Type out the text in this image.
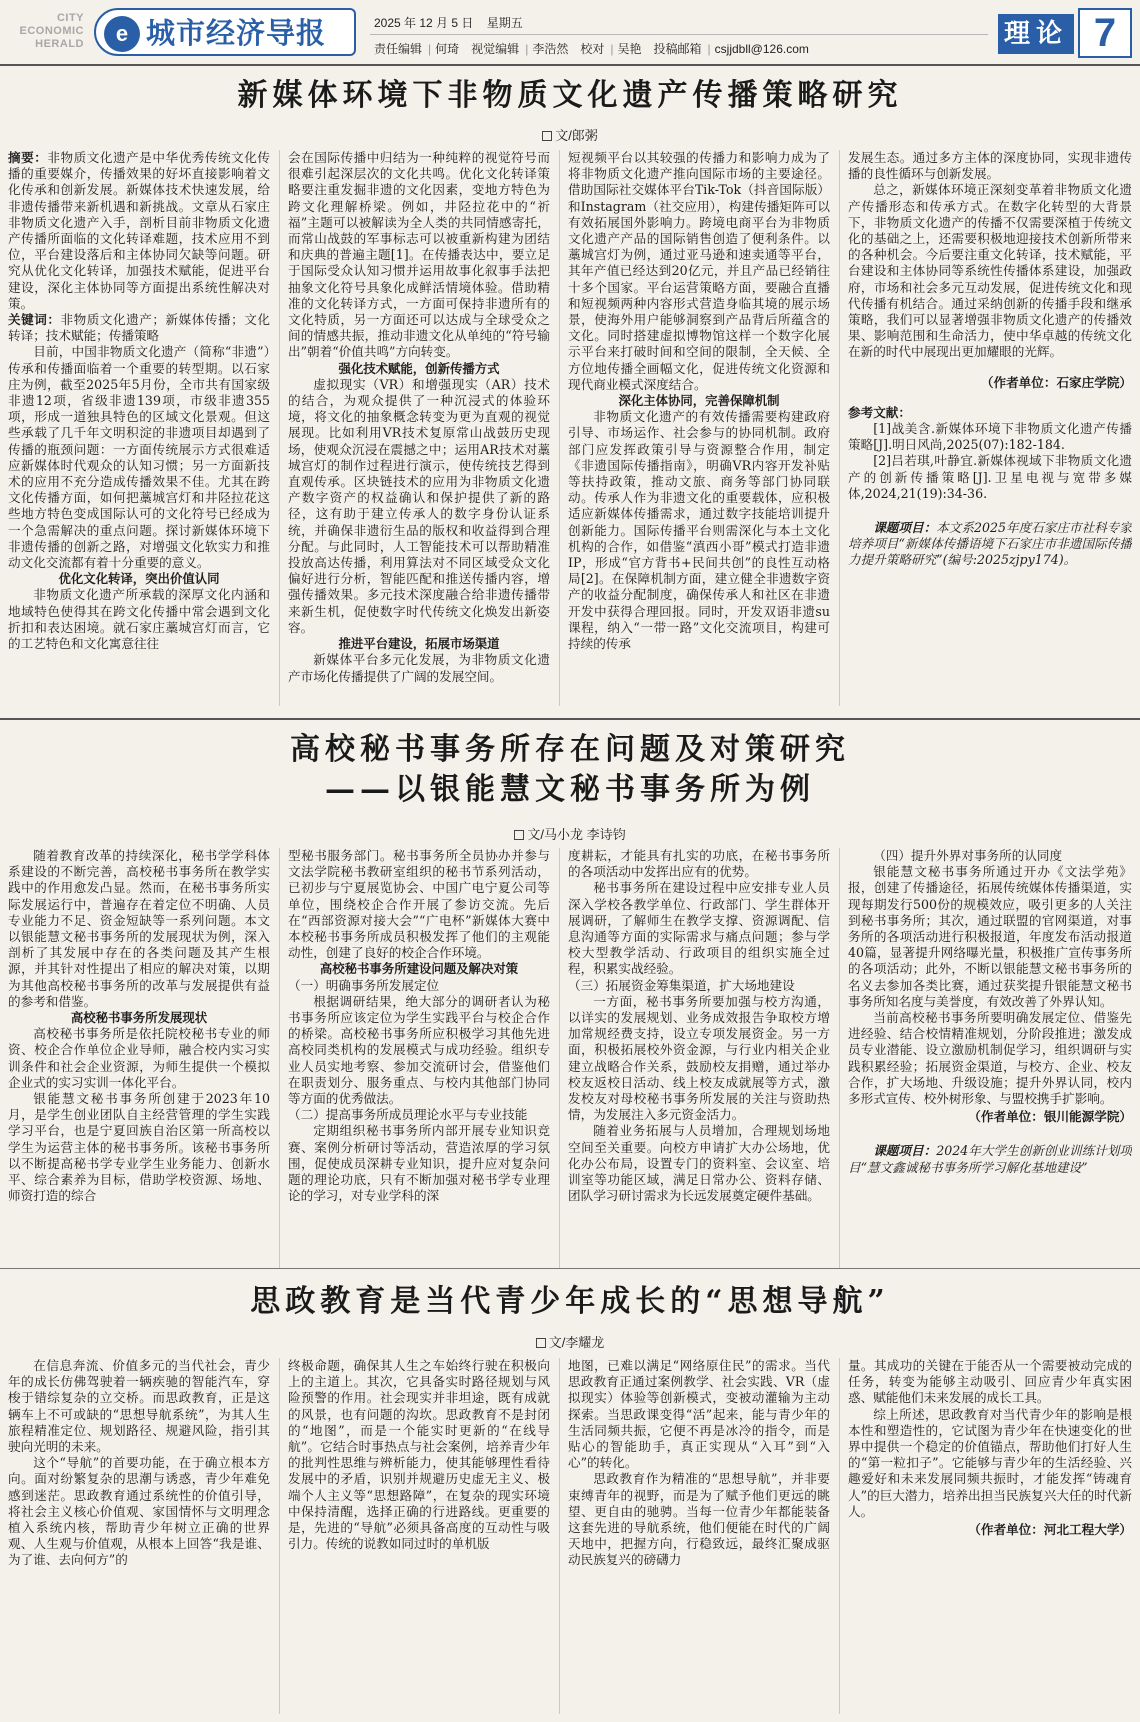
CITY
ECONOMIC
HERALD	e 城市经济导报	2025 年 12 月 5 日 星期五
责任编辑 | 何琦 视觉编辑 | 李浩然 校对 | 吴艳 投稿邮箱 | csjjdbll@126.com	理论 7
新媒体环境下非物质文化遗产传播策略研究
文/郎粥

摘要：非物质文化遗产是中华优秀传统文化传播的重要媒介，传播效果的好坏直接影响着文化传承和创新发展。新媒体技术快速发展，给非遗传播带来新机遇和新挑战。文章从石家庄非物质文化遗产入手，剖析目前非物质文化遗产传播所面临的文化转译难题，技术应用不到位，平台建设落后和主体协同欠缺等问题。研究从优化文化转译，加强技术赋能，促进平台建设，深化主体协同等方面提出系统性解决对策。

关键词：非物质文化遗产；新媒体传播；文化转译；技术赋能；传播策略

目前，中国非物质文化遗产（简称“非遗”）传承和传播面临着一个重要的转型期。以石家庄为例，截至2025年5月份，全市共有国家级非遗12项，省级非遗139项，市级非遗355项，形成一道独具特色的区域文化景观。但这些承载了几千年文明积淀的非遗项目却遇到了传播的瓶颈问题：一方面传统展示方式很难适应新媒体时代观众的认知习惯；另一方面新技术的应用不充分造成传播效果不佳。尤其在跨文化传播方面，如何把藁城宫灯和井陉拉花这些地方特色变成国际认可的文化符号已经成为一个急需解决的重点问题。探讨新媒体环境下非遗传播的创新之路，对增强文化软实力和推动文化交流都有着十分重要的意义。

优化文化转译，突出价值认同

非物质文化遗产所承载的深厚文化内涵和地域特色使得其在跨文化传播中常会遇到文化折扣和表达困境。就石家庄藁城宫灯而言，它的工艺特色和文化寓意往往

会在国际传播中归结为一种纯粹的视觉符号而很难引起深层次的文化共鸣。优化文化转译策略要注重发掘非遗的文化因素，变地方特色为跨文化理解桥梁。例如，井陉拉花中的“祈福”主题可以被解读为全人类的共同情感寄托，而常山战鼓的军事标志可以被重新构建为团结和庆典的普遍主题[1]。在传播表达中，要立足于国际受众认知习惯并运用故事化叙事手法把抽象文化符号具象化成鲜活情境体验。借助精准的文化转译方式，一方面可保持非遗所有的文化特质，另一方面还可以达成与全球受众之间的情感共振，推动非遗文化从单纯的“符号输出”朝着“价值共鸣”方向转变。

强化技术赋能，创新传播方式

虚拟现实（VR）和增强现实（AR）技术的结合，为观众提供了一种沉浸式的体验环境，将文化的抽象概念转变为更为直观的视觉展现。比如利用VR技术复原常山战鼓历史现场，使观众沉浸在震撼之中；运用AR技术对藁城宫灯的制作过程进行演示，使传统技艺得到直观传承。区块链技术的应用为非物质文化遗产数字资产的权益确认和保护提供了新的路径，这有助于建立传承人的数字身份认证系统，并确保非遗衍生品的版权和收益得到合理分配。与此同时，人工智能技术可以帮助精准投放高达传播，利用算法对不同区域受众文化偏好进行分析，智能匹配和推送传播内容，增强传播效果。多元技术深度融合给非遗传播带来新生机，促使数字时代传统文化焕发出新姿容。

推进平台建设，拓展市场渠道

新媒体平台多元化发展，为非物质文化遗产市场化传播提供了广阔的发展空间。

短视频平台以其较强的传播力和影响力成为了将非物质文化遗产推向国际市场的主要途径。借助国际社交媒体平台Tik-Tok（抖音国际版）和Instagram（社交应用），构建传播矩阵可以有效拓展国外影响力。跨境电商平台为非物质文化遗产产品的国际销售创造了便利条件。以藁城宫灯为例，通过亚马逊和速卖通等平台，其年产值已经达到20亿元，并且产品已经销往十多个国家。平台运营策略方面，要融合直播和短视频两种内容形式营造身临其境的展示场景，使海外用户能够洞察到产品背后所蕴含的文化。同时搭建虚拟博物馆这样一个数字化展示平台来打破时间和空间的限制，全天候、全方位地传播全画幅文化，促进传统文化资源和现代商业模式深度结合。

深化主体协同，完善保障机制

非物质文化遗产的有效传播需要构建政府引导、市场运作、社会参与的协同机制。政府部门应发挥政策引导与资源整合作用，制定《非遗国际传播指南》，明确VR内容开发补贴等扶持政策，推动文旅、商务等部门协同联动。传承人作为非遗文化的重要载体，应积极适应新媒体传播需求，通过数字技能培训提升创新能力。国际传播平台则需深化与本土文化机构的合作，如借鉴“滇西小哥”模式打造非遗IP，形成“官方背书+民间共创”的良性互动格局[2]。在保障机制方面，建立健全非遗数字资产的收益分配制度，确保传承人和社区在非遗开发中获得合理回报。同时，开发双语非遗su课程，纳入“一带一路”文化交流项目，构建可持续的传承

发展生态。通过多方主体的深度协同，实现非遗传播的良性循环与创新发展。

总之，新媒体环境正深刻变革着非物质文化遗产传播形态和传承方式。在数字化转型的大背景下，非物质文化遗产的传播不仅需要深植于传统文化的基础之上，还需要积极地迎接技术创新所带来的各种机会。今后要注重文化转译，技术赋能，平台建设和主体协同等系统性传播体系建设，加强政府，市场和社会多元互动发展，促进传统文化和现代传播有机结合。通过采纳创新的传播手段和继承策略，我们可以显著增强非物质文化遗产的传播效果、影响范围和生命活力，使中华卓越的传统文化在新的时代中展现出更加耀眼的光辉。

（作者单位：石家庄学院）

参考文献：

[1]战美含.新媒体环境下非物质文化遗产传播策略[J].明日风尚,2025(07):182-184.

[2]吕若琪,叶静宜.新媒体视域下非物质文化遗产的创新传播策略[J].卫星电视与宽带多媒体,2024,21(19):34-36.

课题项目：本文系2025年度石家庄市社科专家培养项目“新媒体传播语境下石家庄市非遗国际传播力提升策略研究”(编号:2025zjpy174)。

高校秘书事务所存在问题及对策研究
——以银能慧文秘书事务所为例
文/马小龙 李诗钧

随着教育改革的持续深化，秘书学学科体系建设的不断完善，高校秘书事务所在教学实践中的作用愈发凸显。然而，在秘书事务所实际发展运行中，普遍存在着定位不明确、人员专业能力不足、资金短缺等一系列问题。本文以银能慧文秘书事务所的发展现状为例，深入剖析了其发展中存在的各类问题及其产生根源，并其针对性提出了相应的解决对策，以期为其他高校秘书事务所的改革与发展提供有益的参考和借鉴。

高校秘书事务所发展现状

高校秘书事务所是依托院校秘书专业的师资、校企合作单位企业导师，融合校内实习实训条件和社会企业资源，为师生提供一个模拟企业式的实习实训一体化平台。

银能慧文秘书事务所创建于2023年10月，是学生创业团队自主经营管理的学生实践学习平台，也是宁夏回族自治区第一所高校以学生为运营主体的秘书事务所。该秘书事务所以不断提高秘书学专业学生业务能力、创新水平、综合素养为目标，借助学校资源、场地、师资打造的综合

型秘书服务部门。秘书事务所全员协办并参与文法学院秘书教研室组织的秘书节系列活动，已初步与宁夏展览协会、中国广电宁夏公司等单位，围绕校企合作开展了参访交流。先后在“西部资源对接大会”“广电杯”新媒体大赛中本校秘书事务所成员积极发挥了他们的主观能动性，创建了良好的校企合作环境。

高校秘书事务所建设问题及解决对策

（一）明确事务所发展定位

根据调研结果，绝大部分的调研者认为秘书事务所应该定位为学生实践平台与校企合作的桥梁。高校秘书事务所应积极学习其他先进高校同类机构的发展模式与成功经验。组织专业人员实地考察、参加交流研讨会，借鉴他们在职责划分、服务重点、与校内其他部门协同等方面的优秀做法。

（二）提高事务所成员理论水平与专业技能

定期组织秘书事务所内部开展专业知识竞赛、案例分析研讨等活动，营造浓厚的学习氛围，促使成员深耕专业知识，提升应对复杂问题的理论功底，只有不断加强对秘书学专业理论的学习，对专业学科的深

度耕耘，才能具有扎实的功底，在秘书事务所的各项活动中发挥出应有的优势。

秘书事务所在建设过程中应安排专业人员深入学校各教学单位、行政部门、学生群体开展调研，了解师生在教学支撑、资源调配、信息沟通等方面的实际需求与痛点问题；参与学校大型教学活动、行政项目的组织实施全过程，积累实战经验。

（三）拓展资金筹集渠道，扩大场地建设

一方面，秘书事务所要加强与校方沟通，以详实的发展规划、业务成效报告争取校方增加常规经费支持，设立专项发展资金。另一方面，积极拓展校外资金源，与行业内相关企业建立战略合作关系，鼓励校友捐赠，通过举办校友返校日活动、线上校友成就展等方式，激发校友对母校秘书事务所发展的关注与资助热情，为发展注入多元资金活力。

随着业务拓展与人员增加，合理规划场地空间至关重要。向校方申请扩大办公场地，优化办公布局，设置专门的资料室、会议室、培训室等功能区域，满足日常办公、资料存储、团队学习研讨需求为长远发展奠定硬件基础。

（四）提升外界对事务所的认同度

银能慧文秘书事务所通过开办《文法学苑》报，创建了传播途径，拓展传统媒体传播渠道，实现每期发行500份的规模效应，吸引更多的人关注到秘书事务所；其次，通过联盟的官网渠道，对事务所的各项活动进行积极报道，年度发布活动报道40篇，显著提升网络曝光量，积极推广宣传事务所的各项活动；此外，不断以银能慧文秘书事务所的名义去参加各类比赛，通过获奖提升银能慧文秘书事务所知名度与美誉度，有效改善了外界认知。

当前高校秘书事务所要明确发展定位、借鉴先进经验、结合校情精准规划，分阶段推进；激发成员专业潜能、设立激励机制促学习，组织调研与实践积累经验；拓展资金渠道，与校方、企业、校友合作，扩大场地、升级设施；提升外界认同，校内多形式宣传、校外树形象、与盟校携手扩影响。

（作者单位：银川能源学院）

课题项目：2024年大学生创新创业训练计划项目“慧文鑫诚秘书事务所学习解化基地建设”

思政教育是当代青少年成长的“思想导航”
文/李耀龙

在信息奔流、价值多元的当代社会，青少年的成长仿佛驾驶着一辆疾驰的智能汽车，穿梭于错综复杂的立交桥。而思政教育，正是这辆车上不可或缺的“思想导航系统”，为其人生旅程精准定位、规划路径、规避风险，指引其驶向光明的未来。

这个“导航”的首要功能，在于确立根本方向。面对纷繁复杂的思潮与诱惑，青少年难免感到迷茫。思政教育通过系统性的价值引导，将社会主义核心价值观、家国情怀与文明理念植入系统内核，帮助青少年树立正确的世界观、人生观与价值观，从根本上回答“我是谁、为了谁、去向何方”的

终极命题，确保其人生之车始终行驶在积极向上的主道上。其次，它具备实时路径规划与风险预警的作用。社会现实并非坦途，既有成就的风景，也有问题的沟坎。思政教育不是封闭的“地图”，而是一个能实时更新的“在线导航”。它结合时事热点与社会案例，培养青少年的批判性思维与辨析能力，使其能够理性看待发展中的矛盾，识别并规避历史虚无主义、极端个人主义等“思想路障”，在复杂的现实环境中保持清醒，选择正确的行进路线。更重要的是，先进的“导航”必须具备高度的互动性与吸引力。传统的说教如同过时的单机版

地图，已难以满足“网络原住民”的需求。当代思政教育正通过案例教学、社会实践、VR（虚拟现实）体验等创新模式，变被动灌输为主动探索。当思政课变得“活”起来，能与青少年的生活同频共振，它便不再是冰冷的指令，而是贴心的智能助手，真正实现从“入耳”到“入心”的转化。

思政教育作为精准的“思想导航”，并非要束缚青年的视野，而是为了赋予他们更远的眺望、更自由的驰骋。当每一位青少年都能装备这套先进的导航系统，他们便能在时代的广阔天地中，把握方向，行稳致远，最终汇聚成驱动民族复兴的磅礴力

量。其成功的关键在于能否从一个需要被动完成的任务，转变为能够主动吸引、回应青少年真实困惑、赋能他们未来发展的成长工具。

综上所述，思政教育对当代青少年的影响是根本性和塑造性的，它试图为青少年在快速变化的世界中提供一个稳定的价值锚点，帮助他们打好人生的“第一粒扣子”。它能够与青少年的生活经验、兴趣爱好和未来发展同频共振时，才能发挥“铸魂育人”的巨大潜力，培养出担当民族复兴大任的时代新人。

（作者单位：河北工程大学）
